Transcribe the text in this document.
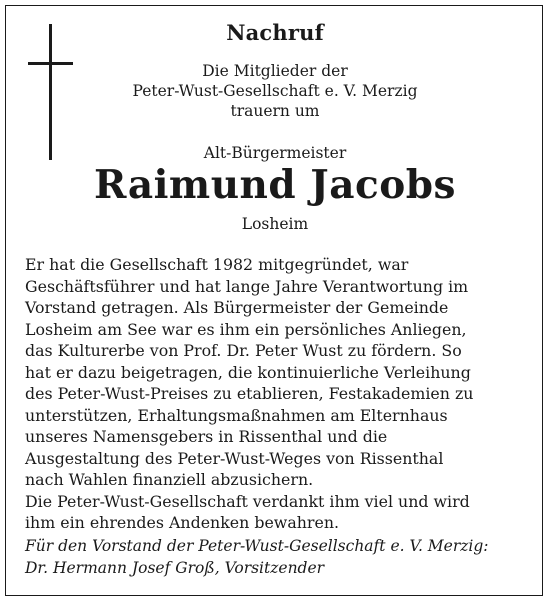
Nachruf
Die Mitglieder der
Peter-Wust-Gesellschaft e. V. Merzig
trauern um
Alt-Bürgermeister
Raimund Jacobs
Losheim
Er hat die Gesellschaft 1982 mitgegründet, war
Geschäftsführer und hat lange Jahre Verantwortung im
Vorstand getragen. Als Bürgermeister der Gemeinde
Losheim am See war es ihm ein persönliches Anliegen,
das Kulturerbe von Prof. Dr. Peter Wust zu fördern. So
hat er dazu beigetragen, die kontinuierliche Verleihung
des Peter-Wust-Preises zu etablieren, Festakademien zu
unterstützen, Erhaltungsmaßnahmen am Elternhaus
unseres Namensgebers in Rissenthal und die
Ausgestaltung des Peter-Wust-Weges von Rissenthal
nach Wahlen finanziell abzusichern.
Die Peter-Wust-Gesellschaft verdankt ihm viel und wird
ihm ein ehrendes Andenken bewahren.
Für den Vorstand der Peter-Wust-Gesellschaft e. V. Merzig:
Dr. Hermann Josef Groß, Vorsitzender
